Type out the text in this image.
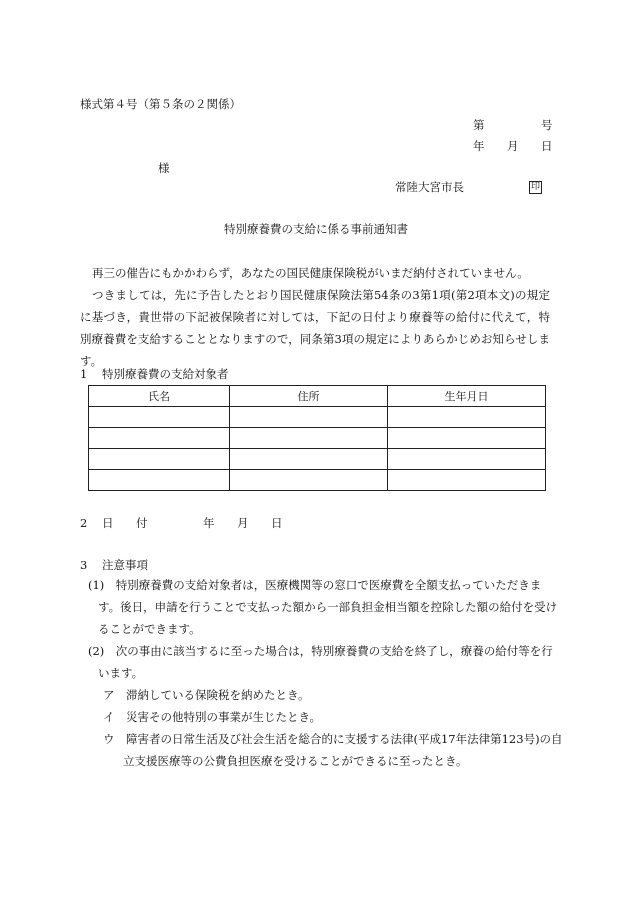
様式第４号（第５条の２関係）
第	号
年 月 日
様
常陸大宮市長	印
特別療養費の支給に係る事前通知書
再三の催告にもかかわらず，あなたの国民健康保険税がいまだ納付されていません。
つきましては，先に予告したとおり国民健康保険法第54条の3第1項(第2項本文)の規定に基づき，貴世帯の下記被保険者に対しては，下記の日付より療養等の給付に代えて，特別療養費を支給することとなりますので，同条第3項の規定によりあらかじめお知らせします。
1 特別療養費の支給対象者
氏名	住所	生年月日

2 日 付	年 月 日
3 注意事項
(1)　 特別療養費の支給対象者は，医療機関等の窓口で医療費を全額支払っていただきます。後日，申請を行うことで支払った額から一部負担金相当額を控除した額の給付を受けることができます。
(2)　 次の事由に該当するに至った場合は，特別療養費の支給を終了し，療養の給付等を行います。
ア　 滞納している保険税を納めたとき。
イ　 災害その他特別の事業が生じたとき。
ウ　 障害者の日常生活及び社会生活を総合的に支援する法律(平成17年法律第123号)の自立支援医療等の公費負担医療を受けることができるに至ったとき。
